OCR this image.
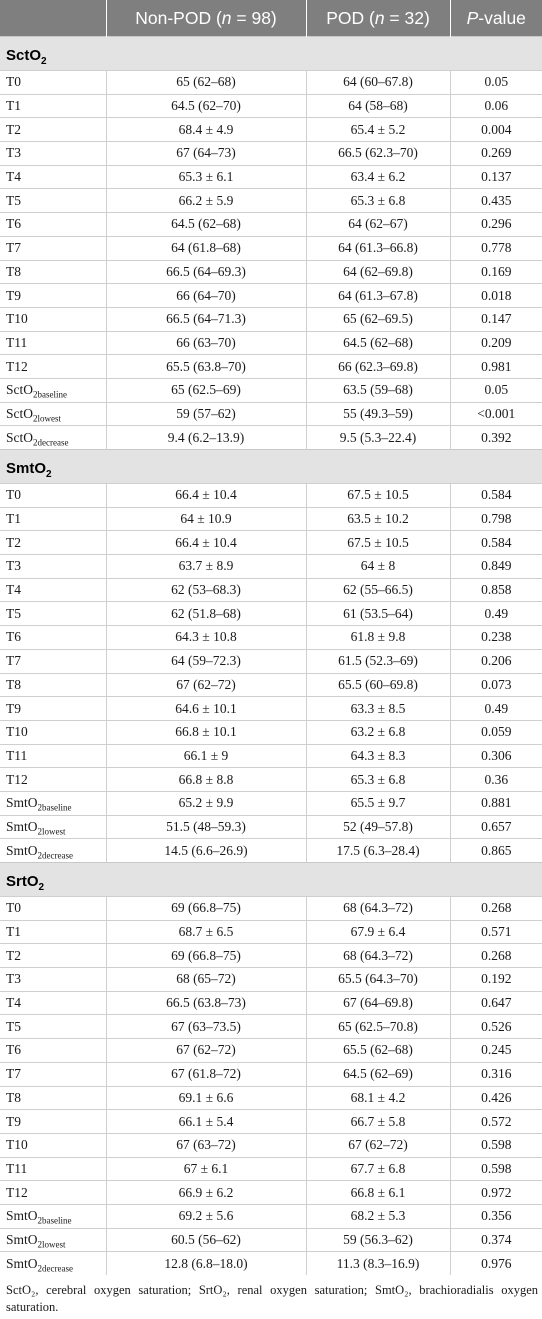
	Non-POD (n = 98)	POD (n = 32)	P-value
SctO$_2$
T0	65 (62–68)	64 (60–67.8)	0.05
T1	64.5 (62–70)	64 (58–68)	0.06
T2	68.4 ± 4.9	65.4 ± 5.2	0.004
T3	67 (64–73)	66.5 (62.3–70)	0.269
T4	65.3 ± 6.1	63.4 ± 6.2	0.137
T5	66.2 ± 5.9	65.3 ± 6.8	0.435
T6	64.5 (62–68)	64 (62–67)	0.296
T7	64 (61.8–68)	64 (61.3–66.8)	0.778
T8	66.5 (64–69.3)	64 (62–69.8)	0.169
T9	66 (64–70)	64 (61.3–67.8)	0.018
T10	66.5 (64–71.3)	65 (62–69.5)	0.147
T11	66 (63–70)	64.5 (62–68)	0.209
T12	65.5 (63.8–70)	66 (62.3–69.8)	0.981
SctO$_{2baseline}$	65 (62.5–69)	63.5 (59–68)	0.05
SctO$_{2lowest}$	59 (57–62)	55 (49.3–59)	<0.001
SctO$_{2decrease}$	9.4 (6.2–13.9)	9.5 (5.3–22.4)	0.392
SmtO$_2$
T0	66.4 ± 10.4	67.5 ± 10.5	0.584
T1	64 ± 10.9	63.5 ± 10.2	0.798
T2	66.4 ± 10.4	67.5 ± 10.5	0.584
T3	63.7 ± 8.9	64 ± 8	0.849
T4	62 (53–68.3)	62 (55–66.5)	0.858
T5	62 (51.8–68)	61 (53.5–64)	0.49
T6	64.3 ± 10.8	61.8 ± 9.8	0.238
T7	64 (59–72.3)	61.5 (52.3–69)	0.206
T8	67 (62–72)	65.5 (60–69.8)	0.073
T9	64.6 ± 10.1	63.3 ± 8.5	0.49
T10	66.8 ± 10.1	63.2 ± 6.8	0.059
T11	66.1 ± 9	64.3 ± 8.3	0.306
T12	66.8 ± 8.8	65.3 ± 6.8	0.36
SmtO$_{2baseline}$	65.2 ± 9.9	65.5 ± 9.7	0.881
SmtO$_{2lowest}$	51.5 (48–59.3)	52 (49–57.8)	0.657
SmtO$_{2decrease}$	14.5 (6.6–26.9)	17.5 (6.3–28.4)	0.865
SrtO$_2$
T0	69 (66.8–75)	68 (64.3–72)	0.268
T1	68.7 ± 6.5	67.9 ± 6.4	0.571
T2	69 (66.8–75)	68 (64.3–72)	0.268
T3	68 (65–72)	65.5 (64.3–70)	0.192
T4	66.5 (63.8–73)	67 (64–69.8)	0.647
T5	67 (63–73.5)	65 (62.5–70.8)	0.526
T6	67 (62–72)	65.5 (62–68)	0.245
T7	67 (61.8–72)	64.5 (62–69)	0.316
T8	69.1 ± 6.6	68.1 ± 4.2	0.426
T9	66.1 ± 5.4	66.7 ± 5.8	0.572
T10	67 (63–72)	67 (62–72)	0.598
T11	67 ± 6.1	67.7 ± 6.8	0.598
T12	66.9 ± 6.2	66.8 ± 6.1	0.972
SmtO$_{2baseline}$	69.2 ± 5.6	68.2 ± 5.3	0.356
SmtO$_{2lowest}$	60.5 (56–62)	59 (56.3–62)	0.374
SmtO$_{2decrease}$	12.8 (6.8–18.0)	11.3 (8.3–16.9)	0.976
SctO₂, cerebral oxygen saturation; SrtO₂, renal oxygen saturation; SmtO₂, brachioradialis oxygen saturation.
